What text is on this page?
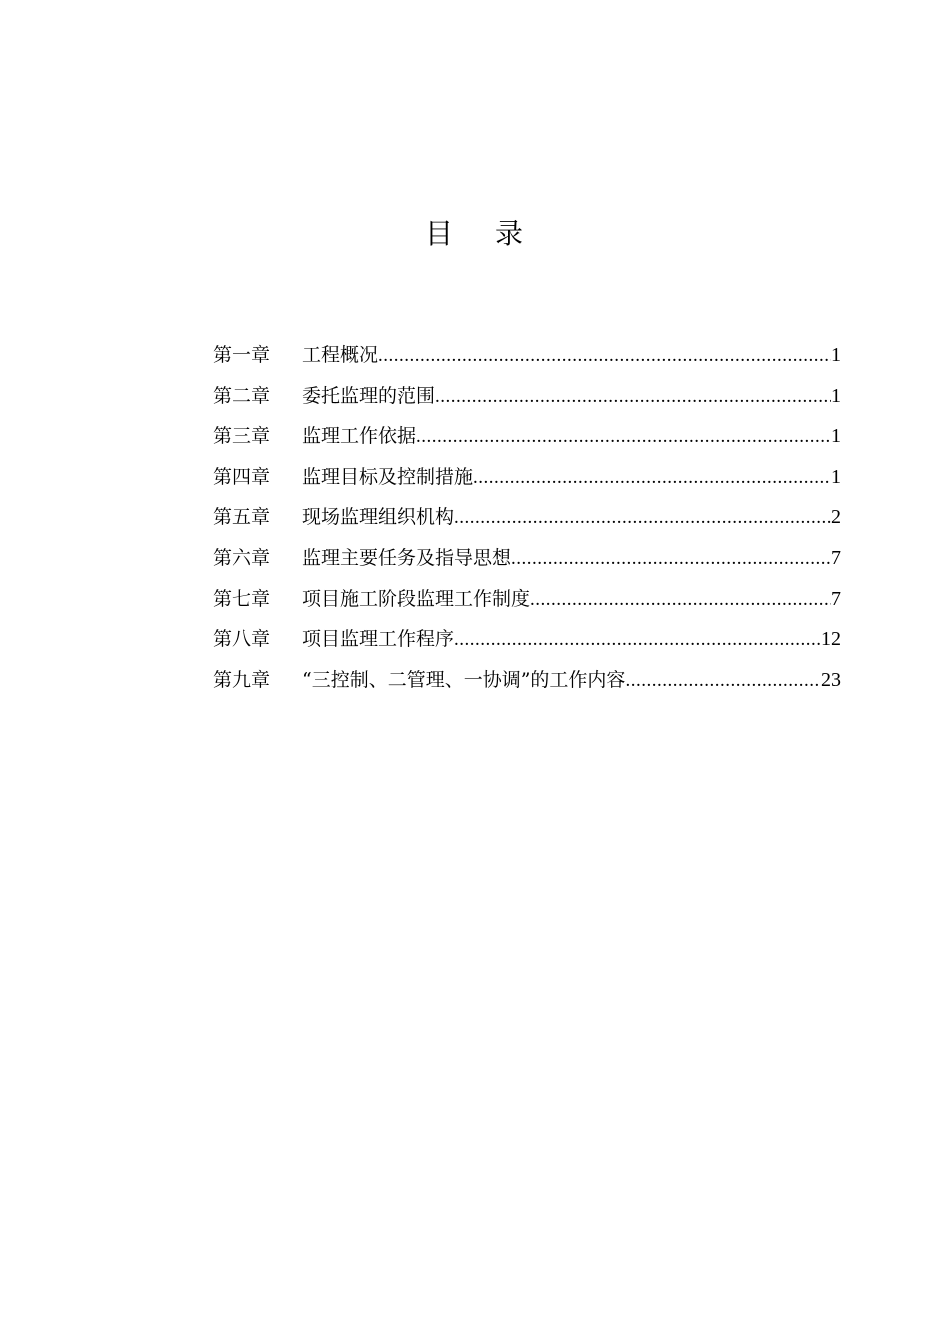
目 录
第一章	工程概况 .....	1
第二章	委托监理的范围 .....	1
第三章	监理工作依据 .....	1
第四章	监理目标及控制措施 .....	1
第五章	现场监理组织机构 .....	2
第六章	监理主要任务及指导思想 .....	7
第七章	项目施工阶段监理工作制度 .....	7
第八章	项目监理工作程序 .....	12
第九章	“三控制、二管理、一协调”的工作内容 .....	23
